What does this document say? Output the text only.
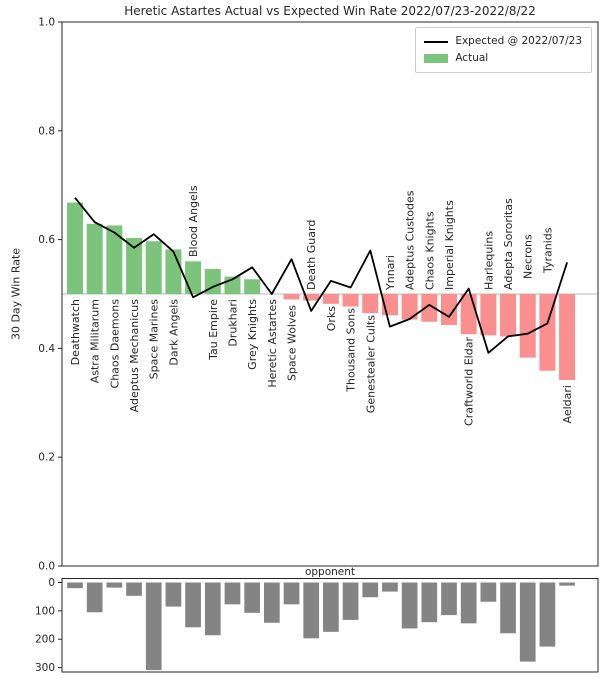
Deathwatch Astra Militarum Chaos Daemons Adeptus Mechanicus Space Marines Dark Angels
Blood Angels
Tau Empire Drukhari Grey Knights Heretic Astartes Space Wolves
Death Guard
Orks Thousand Sons Genestealer Cults
Ynnari Adeptus Custodes Chaos Knights Imperial Knights
Craftworld Eldar
Harlequins Adepta Sororitas Necrons Tyranids
Aeldari
1.0
0.8
0.6
0.4
0.2
0.0
0
100
200
300
Heretic Astartes Actual vs Expected Win Rate 2022/07/23-2022/8/22
30 Day Win Rate
opponent
Expected @ 2022/07/23
Actual
